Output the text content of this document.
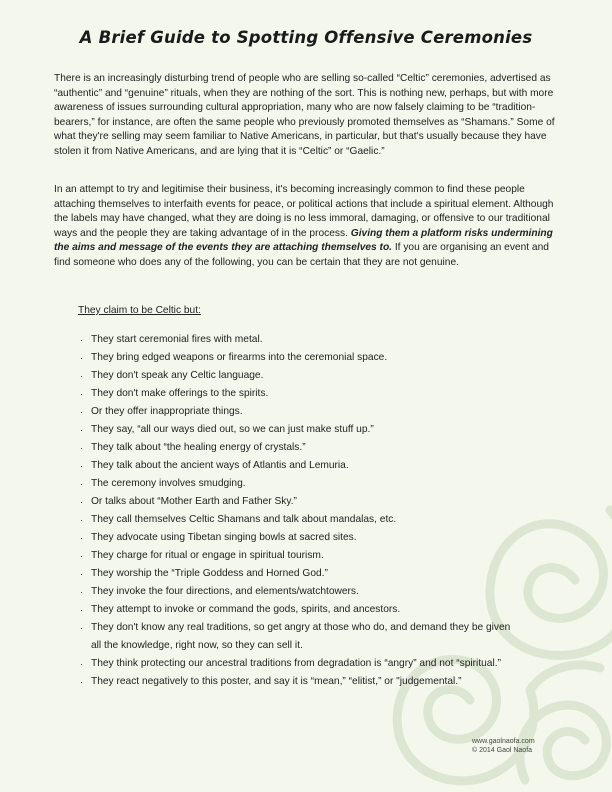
A Brief Guide to Spotting Offensive Ceremonies

There is an increasingly disturbing trend of people who are selling so-called “Celtic” ceremonies, advertised as “authentic” and “genuine” rituals, when they are nothing of the sort. This is nothing new, perhaps, but with more awareness of issues surrounding cultural appropriation, many who are now falsely claiming to be “tradition-bearers,” for instance, are often the same people who previously promoted themselves as “Shamans.” Some of what they're selling may seem familiar to Native Americans, in particular, but that's usually because they have stolen it from Native Americans, and are lying that it is “Celtic” or “Gaelic.”

In an attempt to try and legitimise their business, it's becoming increasingly common to find these people attaching themselves to interfaith events for peace, or political actions that include a spiritual element. Although the labels may have changed, what they are doing is no less immoral, damaging, or offensive to our traditional ways and the people they are taking advantage of in the process. Giving them a platform risks undermining the aims and message of the events they are attaching themselves to. If you are organising an event and find someone who does any of the following, you can be certain that they are not genuine.

They claim to be Celtic but:
· They start ceremonial fires with metal.
· They bring edged weapons or firearms into the ceremonial space.
· They don't speak any Celtic language.
· They don't make offerings to the spirits.
· Or they offer inappropriate things.
· They say, “all our ways died out, so we can just make stuff up.”
· They talk about “the healing energy of crystals.”
· They talk about the ancient ways of Atlantis and Lemuria.
· The ceremony involves smudging.
· Or talks about “Mother Earth and Father Sky.”
· They call themselves Celtic Shamans and talk about mandalas, etc.
· They advocate using Tibetan singing bowls at sacred sites.
· They charge for ritual or engage in spiritual tourism.
· They worship the “Triple Goddess and Horned God.”
· They invoke the four directions, and elements/watchtowers.
· They attempt to invoke or command the gods, spirits, and ancestors.
· They don't know any real traditions, so get angry at those who do, and demand they be given all the knowledge, right now, so they can sell it.
· They think protecting our ancestral traditions from degradation is “angry” and not “spiritual.”
· They react negatively to this poster, and say it is “mean,” “elitist,” or "judgemental.”
www.gaolnaofa.com
© 2014 Gaol Naofa
